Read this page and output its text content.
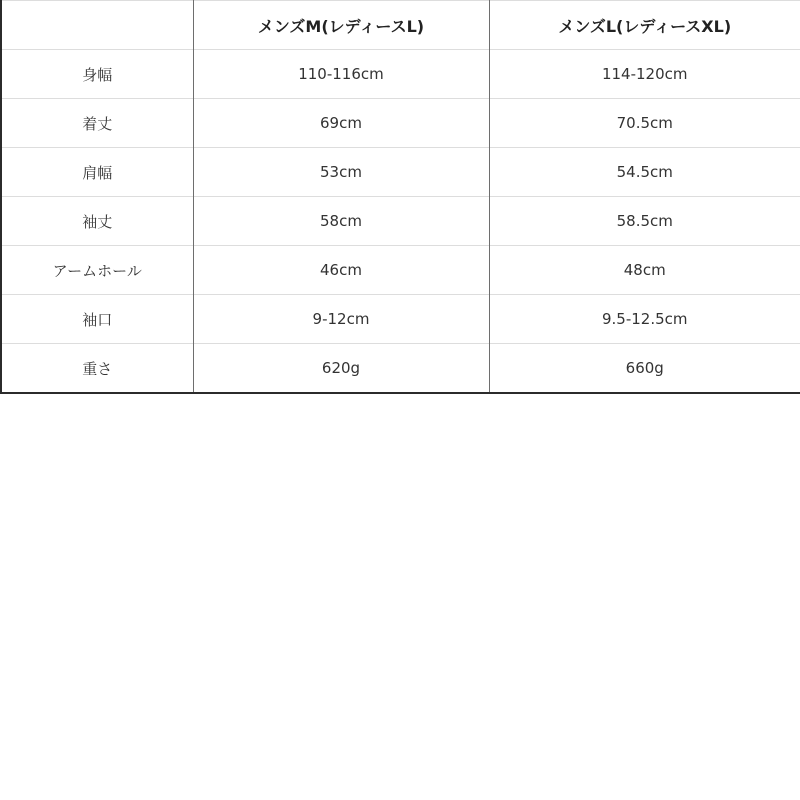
	メンズM(レディースL)	メンズL(レディースXL)
身幅	110-116cm	114-120cm
着丈	69cm	70.5cm
肩幅	53cm	54.5cm
袖丈	58cm	58.5cm
アームホール	46cm	48cm
袖口	9-12cm	9.5-12.5cm
重さ	620g	660g
